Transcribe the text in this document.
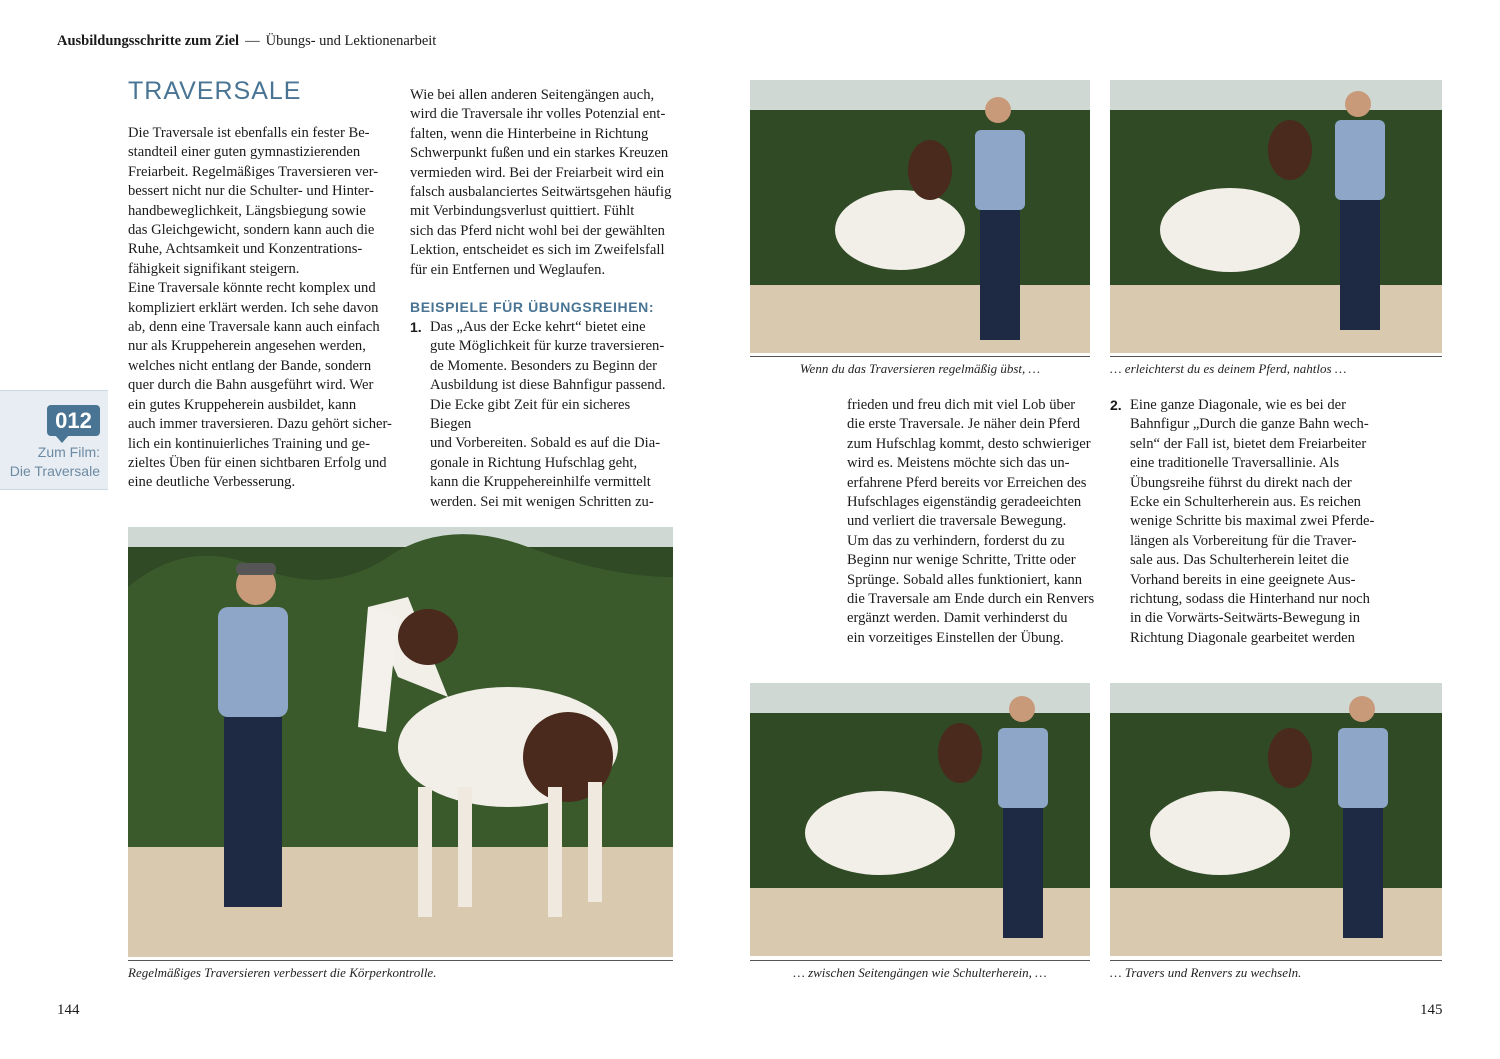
Ausbildungsschritte zum Ziel — Übungs- und Lektionenarbeit
TRAVERSALE

Die Traversale ist ebenfalls ein fester Be-
standteil einer guten gymnastizierenden
Freiarbeit. Regelmäßiges Traversieren ver-
bessert nicht nur die Schulter- und Hinter-
handbeweglichkeit, Längsbiegung sowie
das Gleichgewicht, sondern kann auch die
Ruhe, Achtsamkeit und Konzentrations-
fähigkeit signifikant steigern.
Eine Traversale könnte recht komplex und
kompliziert erklärt werden. Ich sehe davon
ab, denn eine Traversale kann auch einfach
nur als Kruppeherein angesehen werden,
welches nicht entlang der Bande, sondern
quer durch die Bahn ausgeführt wird. Wer
ein gutes Kruppeherein ausbildet, kann
auch immer traversieren. Dazu gehört sicher-
lich ein kontinuierliches Training und ge-
zieltes Üben für einen sichtbaren Erfolg und
eine deutliche Verbesserung.

Wie bei allen anderen Seitengängen auch,
wird die Traversale ihr volles Potenzial ent-
falten, wenn die Hinterbeine in Richtung
Schwerpunkt fußen und ein starkes Kreuzen
vermieden wird. Bei der Freiarbeit wird ein
falsch ausbalanciertes Seitwärtsgehen häufig
mit Verbindungsverlust quittiert. Fühlt
sich das Pferd nicht wohl bei der gewählten
Lektion, entscheidet es sich im Zweifelsfall
für ein Entfernen und Weglaufen.

BEISPIELE FÜR ÜBUNGSREIHEN:
1. Das „Aus der Ecke kehrt“ bietet eine
gute Möglichkeit für kurze traversieren-
de Momente. Besonders zu Beginn der
Ausbildung ist diese Bahnfigur passend.
Die Ecke gibt Zeit für ein sicheres Biegen
und Vorbereiten. Sobald es auf die Dia-
gonale in Richtung Hufschlag geht,
kann die Kruppehereinhilfe vermittelt
werden. Sei mit wenigen Schritten zu-

012
Zum Film:
Die Traversale
Regelmäßiges Traversieren verbessert die Körperkontrolle.
Wenn du das Traversieren regelmäßig übst, …	… erleichterst du es deinem Pferd, nahtlos …

frieden und freu dich mit viel Lob über
die erste Traversale. Je näher dein Pferd
zum Hufschlag kommt, desto schwieriger
wird es. Meistens möchte sich das un-
erfahrene Pferd bereits vor Erreichen des
Hufschlages eigenständig geradeeichten
und verliert die traversale Bewegung.
Um das zu verhindern, forderst du zu
Beginn nur wenige Schritte, Tritte oder
Sprünge. Sobald alles funktioniert, kann
die Traversale am Ende durch ein Renvers
ergänzt werden. Damit verhinderst du
ein vorzeitiges Einstellen der Übung.

2. Eine ganze Diagonale, wie es bei der
Bahnfigur „Durch die ganze Bahn wech-
seln“ der Fall ist, bietet dem Freiarbeiter
eine traditionelle Traversallinie. Als
Übungsreihe führst du direkt nach der
Ecke ein Schulterherein aus. Es reichen
wenige Schritte bis maximal zwei Pferde-
längen als Vorbereitung für die Traver-
sale aus. Das Schulterherein leitet die
Vorhand bereits in eine geeignete Aus-
richtung, sodass die Hinterhand nur noch
in die Vorwärts-Seitwärts-Bewegung in
Richtung Diagonale gearbeitet werden

… zwischen Seitengängen wie Schulterherein, …	… Travers und Renvers zu wechseln.
144	145
